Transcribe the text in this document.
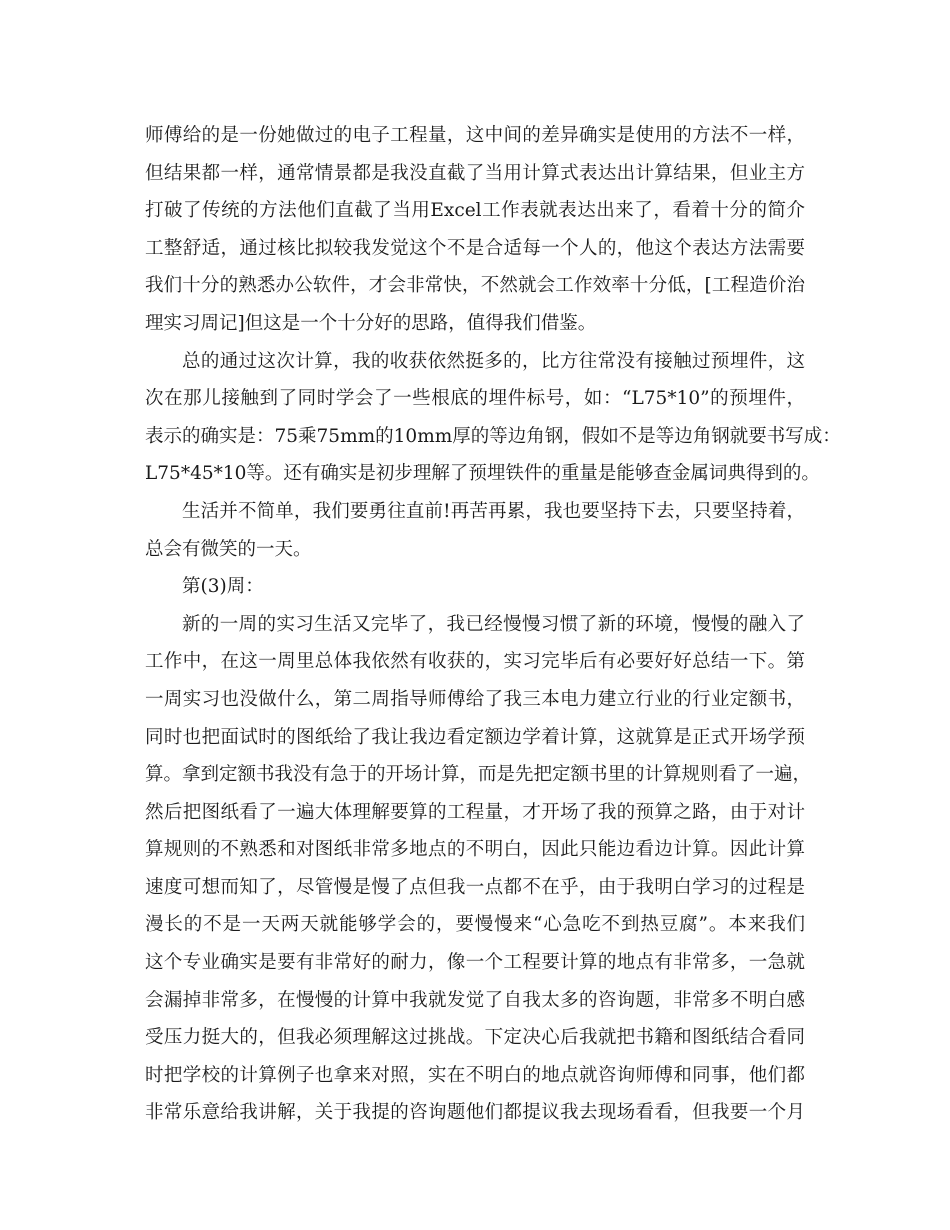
师傅给的是一份她做过的电子工程量，这中间的差异确实是使用的方法不一样，
但结果都一样，通常情景都是我没直截了当用计算式表达出计算结果，但业主方
打破了传统的方法他们直截了当用Excel工作表就表达出来了，看着十分的简介
工整舒适，通过核比拟较我发觉这个不是合适每一个人的，他这个表达方法需要
我们十分的熟悉办公软件，才会非常快，不然就会工作效率十分低，[工程造价治
理实习周记]但这是一个十分好的思路，值得我们借鉴。
总的通过这次计算，我的收获依然挺多的，比方往常没有接触过预埋件，这
次在那儿接触到了同时学会了一些根底的埋件标号，如：“L75*10”的预埋件，
表示的确实是：75乘75mm的10mm厚的等边角钢，假如不是等边角钢就要书写成：
L75*45*10等。还有确实是初步理解了预埋铁件的重量是能够查金属词典得到的。
生活并不简单，我们要勇往直前!再苦再累，我也要坚持下去，只要坚持着，
总会有微笑的一天。
第(3)周：
新的一周的实习生活又完毕了，我已经慢慢习惯了新的环境，慢慢的融入了
工作中，在这一周里总体我依然有收获的，实习完毕后有必要好好总结一下。第
一周实习也没做什么，第二周指导师傅给了我三本电力建立行业的行业定额书，
同时也把面试时的图纸给了我让我边看定额边学着计算，这就算是正式开场学预
算。拿到定额书我没有急于的开场计算，而是先把定额书里的计算规则看了一遍，
然后把图纸看了一遍大体理解要算的工程量，才开场了我的预算之路，由于对计
算规则的不熟悉和对图纸非常多地点的不明白，因此只能边看边计算。因此计算
速度可想而知了，尽管慢是慢了点但我一点都不在乎，由于我明白学习的过程是
漫长的不是一天两天就能够学会的，要慢慢来“心急吃不到热豆腐”。本来我们
这个专业确实是要有非常好的耐力，像一个工程要计算的地点有非常多，一急就
会漏掉非常多，在慢慢的计算中我就发觉了自我太多的咨询题，非常多不明白感
受压力挺大的，但我必须理解这过挑战。下定决心后我就把书籍和图纸结合看同
时把学校的计算例子也拿来对照，实在不明白的地点就咨询师傅和同事，他们都
非常乐意给我讲解，关于我提的咨询题他们都提议我去现场看看，但我要一个月
